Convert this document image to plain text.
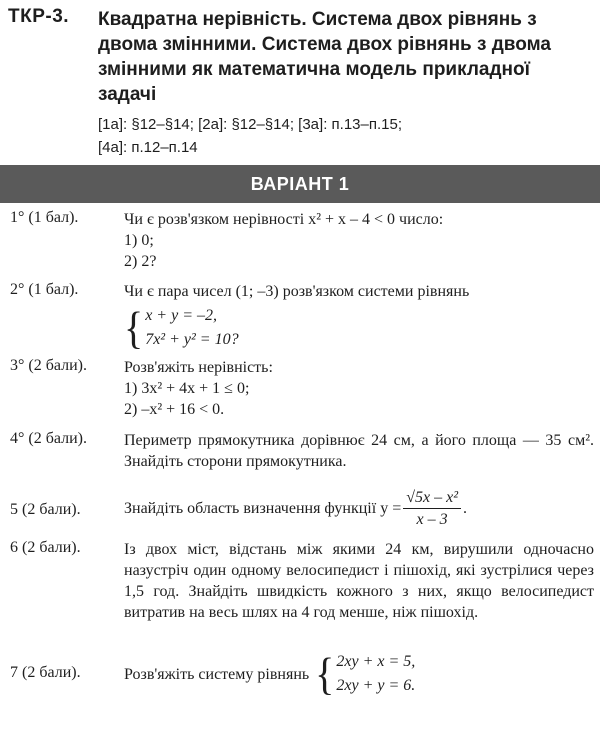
ТКР-3. Квадратна нерівність. Система двох рівнянь з двома змінними. Система двох рівнянь з двома змінними як математична модель прикладної задачі
[1а]: §12–§14; [2а]: §12–§14; [3а]: п.13–п.15;
[4а]: п.12–п.14
ВАРІАНТ 1
1° (1 бал).	Чи є розв'язком нерівності x² + x – 4 < 0 число:
1) 0;
2) 2?
2° (1 бал).	Чи є пара чисел (1; –3) розв'язком системи рівнянь
{ x + y = –2,
7x² + y² = 10?
3° (2 бали). Розв'яжіть нерівність:
1) 3x² + 4x + 1 ≤ 0;
2) –x² + 16 < 0.
4° (2 бали). Периметр прямокутника дорівнює 24 см, а його площа — 35 см². Знайдіть сторони прямокутника.
5 (2 бали).	Знайдіть область визначення функції $y = \frac{\text{√5x – x²}}{x - 3}$ .
6 (2 бали).	Із двох міст, відстань між якими 24 км, вирушили одночасно назустріч один одному велосипедист і пішохід, які зустрілися через 1,5 год. Знайдіть швидкість кожного з них, якщо велосипедист витратив на весь шлях на 4 год менше, ніж пішохід.
7 (2 бали).	Розв'яжіть систему рівнянь { 2xy + x = 5,
2xy + y = 6.
